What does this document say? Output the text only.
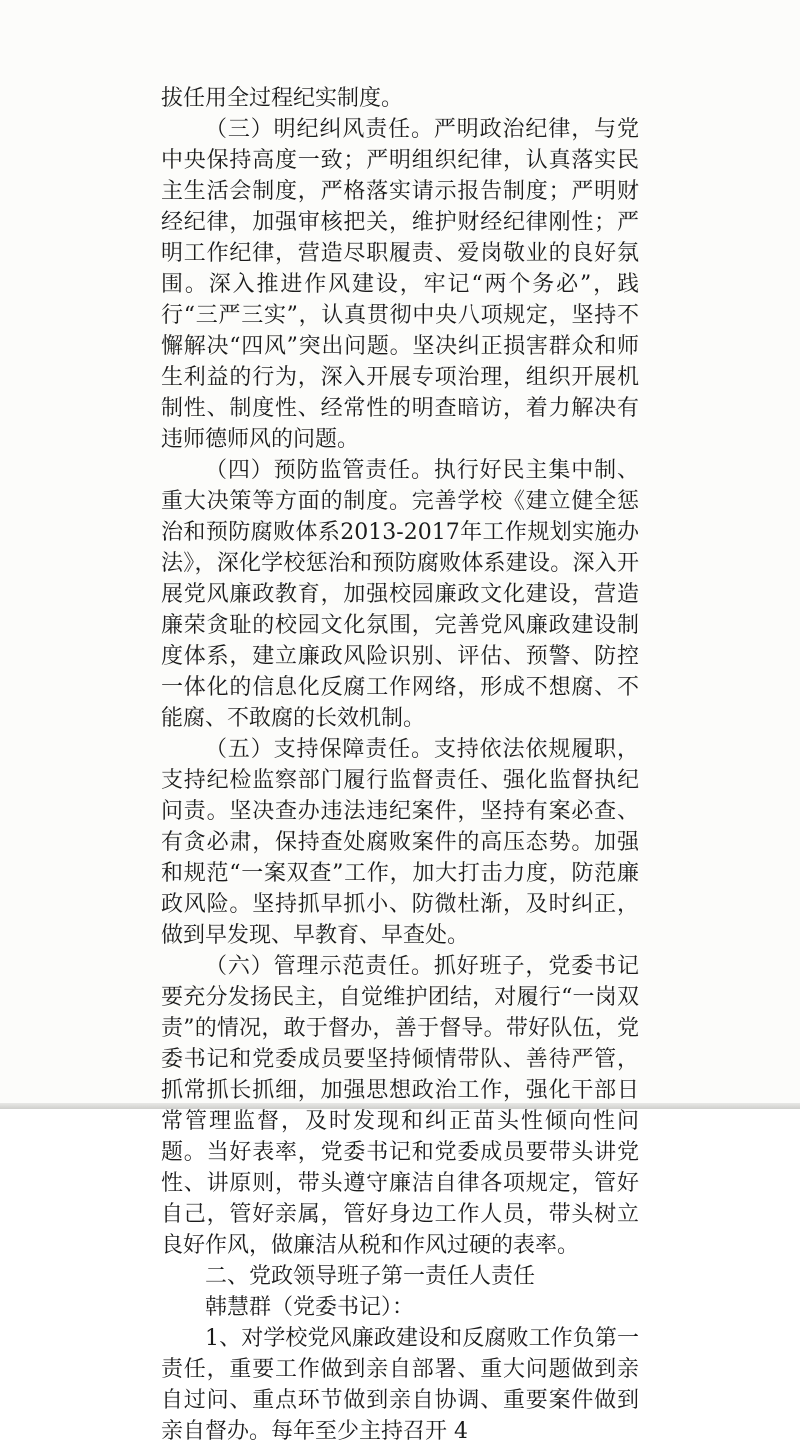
拔任用全过程纪实制度。

（三）明纪纠风责任。严明政治纪律，与党中央保持高度一致；严明组织纪律，认真落实民主生活会制度，严格落实请示报告制度；严明财经纪律，加强审核把关，维护财经纪律刚性；严明工作纪律，营造尽职履责、爱岗敬业的良好氛围。深入推进作风建设，牢记“两个务必”，践行“三严三实”，认真贯彻中央八项规定，坚持不懈解决“四风”突出问题。坚决纠正损害群众和师生利益的行为，深入开展专项治理，组织开展机制性、制度性、经常性的明查暗访，着力解决有违师德师风的问题。

（四）预防监管责任。执行好民主集中制、重大决策等方面的制度。完善学校《建立健全惩治和预防腐败体系2013-2017年工作规划实施办法》，深化学校惩治和预防腐败体系建设。深入开展党风廉政教育，加强校园廉政文化建设，营造廉荣贪耻的校园文化氛围，完善党风廉政建设制度体系，建立廉政风险识别、评估、预警、防控一体化的信息化反腐工作网络，形成不想腐、不能腐、不敢腐的长效机制。

（五）支持保障责任。支持依法依规履职，支持纪检监察部门履行监督责任、强化监督执纪问责。坚决查办违法违纪案件，坚持有案必查、有贪必肃，保持查处腐败案件的高压态势。加强和规范“一案双查”工作，加大打击力度，防范廉政风险。坚持抓早抓小、防微杜渐，及时纠正，做到早发现、早教育、早查处。

（六）管理示范责任。抓好班子，党委书记要充分发扬民主，自觉维护团结，对履行“一岗双责”的情况，敢于督办，善于督导。带好队伍，党委书记和党委成员要坚持倾情带队、善待严管，抓常抓长抓细，加强思想政治工作，强化干部日常管理监督，及时发现和纠正苗头性倾向性问题。当好表率，党委书记和党委成员要带头讲党性、讲原则，带头遵守廉洁自律各项规定，管好自己，管好亲属，管好身边工作人员，带头树立良好作风，做廉洁从税和作风过硬的表率。

二、党政领导班子第一责任人责任

韩慧群（党委书记）：

1、对学校党风廉政建设和反腐败工作负第一责任，重要工作做到亲自部署、重大问题做到亲自过问、重点环节做到亲自协调、重要案件做到亲自督办。每年至少主持召开 4
